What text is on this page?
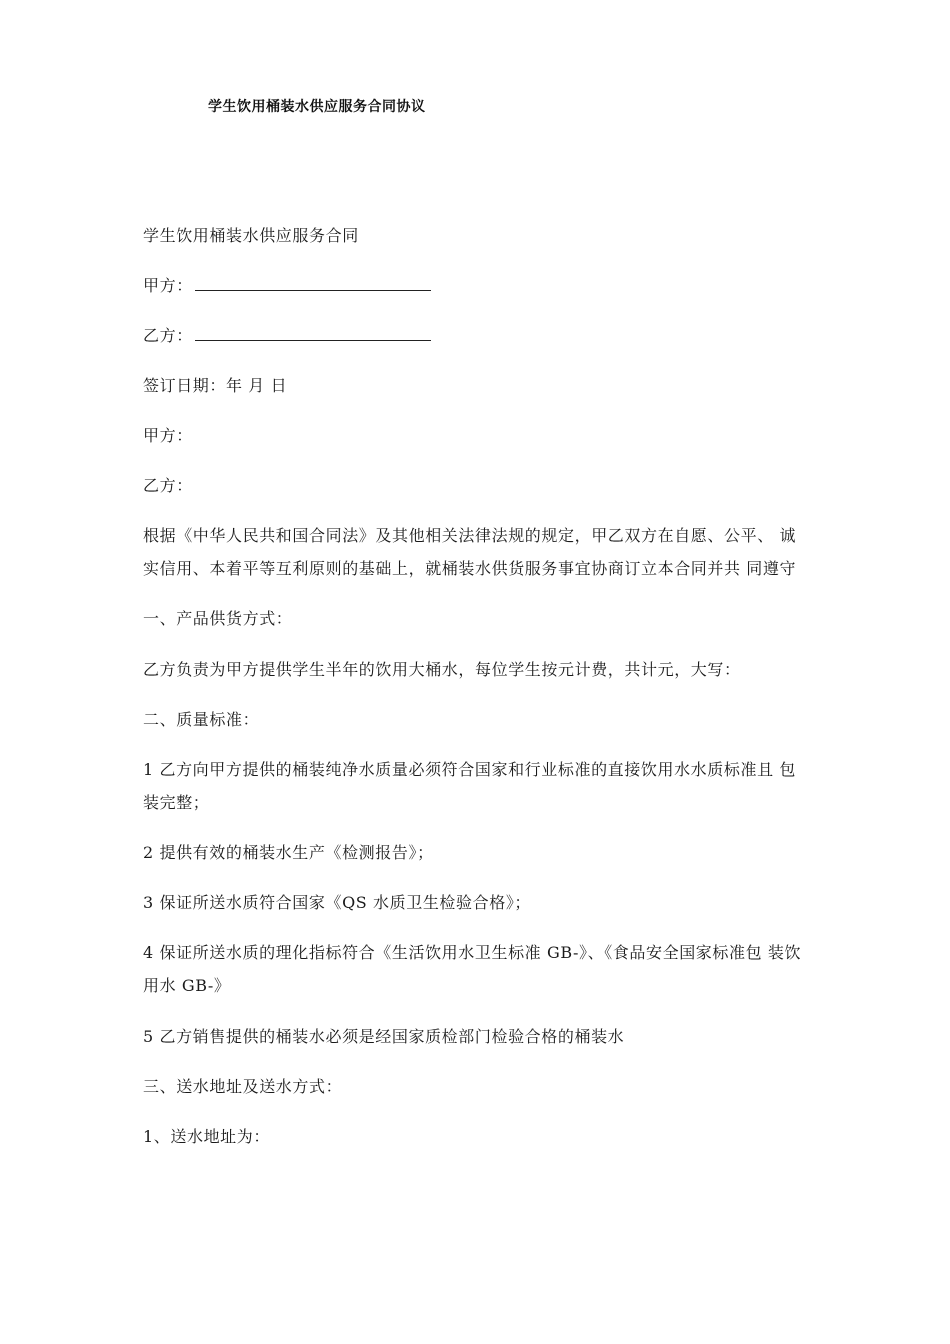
学生饮用桶装水供应服务合同协议
学生饮用桶装水供应服务合同
甲方：
乙方：
签订日期：年 月 日
甲方：
乙方：
根据《中华人民共和国合同法》及其他相关法律法规的规定，甲乙双方在自愿、公平、 诚
实信用、本着平等互利原则的基础上，就桶装水供货服务事宜协商订立本合同并共 同遵守
一、产品供货方式：
乙方负责为甲方提供学生半年的饮用大桶水，每位学生按元计费，共计元，大写：
二、质量标准：
1 乙方向甲方提供的桶装纯净水质量必须符合国家和行业标准的直接饮用水水质标准且 包
装完整；
2 提供有效的桶装水生产《检测报告》；
3 保证所送水质符合国家《QS 水质卫生检验合格》；
4 保证所送水质的理化指标符合《生活饮用水卫生标准 GB-》、《食品安全国家标准包 装饮
用水 GB-》
5 乙方销售提供的桶装水必须是经国家质检部门检验合格的桶装水
三、送水地址及送水方式：
1、送水地址为：
